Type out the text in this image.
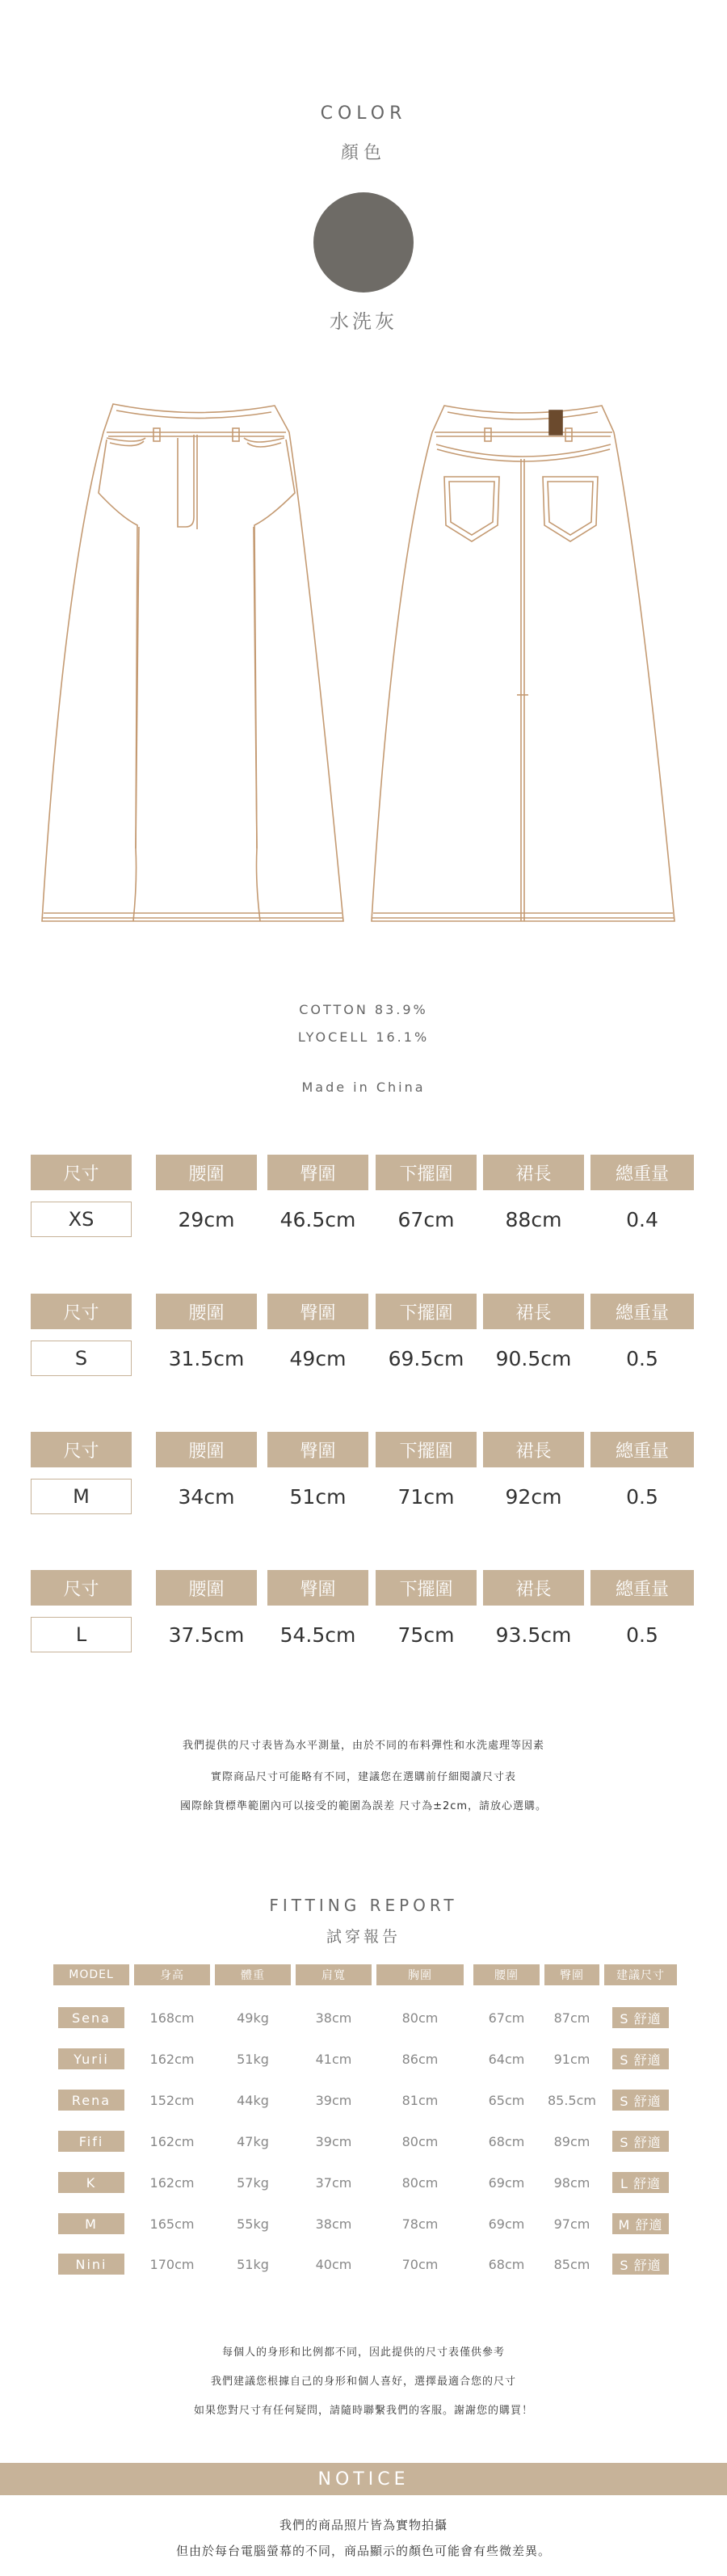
COLOR
顏色
水洗灰
COTTON 83.9%
LYOCELL 16.1%
Made in China
尺寸	腰圍	臀圍	下擺圍	裙長	總重量
XS	29cm	46.5cm	67cm	88cm	0.4
尺寸	腰圍	臀圍	下擺圍	裙長	總重量
S	31.5cm	49cm	69.5cm	90.5cm	0.5
尺寸	腰圍	臀圍	下擺圍	裙長	總重量
M	34cm	51cm	71cm	92cm	0.5
尺寸	腰圍	臀圍	下擺圍	裙長	總重量
L	37.5cm	54.5cm	75cm	93.5cm	0.5
我們提供的尺寸表皆為水平測量，由於不同的布料彈性和水洗處理等因素
實際商品尺寸可能略有不同，建議您在選購前仔細閱讀尺寸表
國際餘貨標準範圍內可以接受的範圍為誤差 尺寸為±2cm，請放心選購。
FITTING REPORT
試穿報告
MODEL	身高	體重	肩寬	胸圍	腰圍	臀圍	建議尺寸
Sena	168cm	49kg	38cm	80cm	67cm	87cm	S 舒適
Yurii	162cm	51kg	41cm	86cm	64cm	91cm	S 舒適
Rena	152cm	44kg	39cm	81cm	65cm	85.5cm	S 舒適
Fifi	162cm	47kg	39cm	80cm	68cm	89cm	S 舒適
K	162cm	57kg	37cm	80cm	69cm	98cm	L 舒適
M	165cm	55kg	38cm	78cm	69cm	97cm	M 舒適
Nini	170cm	51kg	40cm	70cm	68cm	85cm	S 舒適
每個人的身形和比例都不同，因此提供的尺寸表僅供參考
我們建議您根據自己的身形和個人喜好，選擇最適合您的尺寸
如果您對尺寸有任何疑問，請隨時聯繫我們的客服。謝謝您的購買！
NOTICE
我們的商品照片皆為實物拍攝
但由於每台電腦螢幕的不同，商品顯示的顏色可能會有些微差異。
